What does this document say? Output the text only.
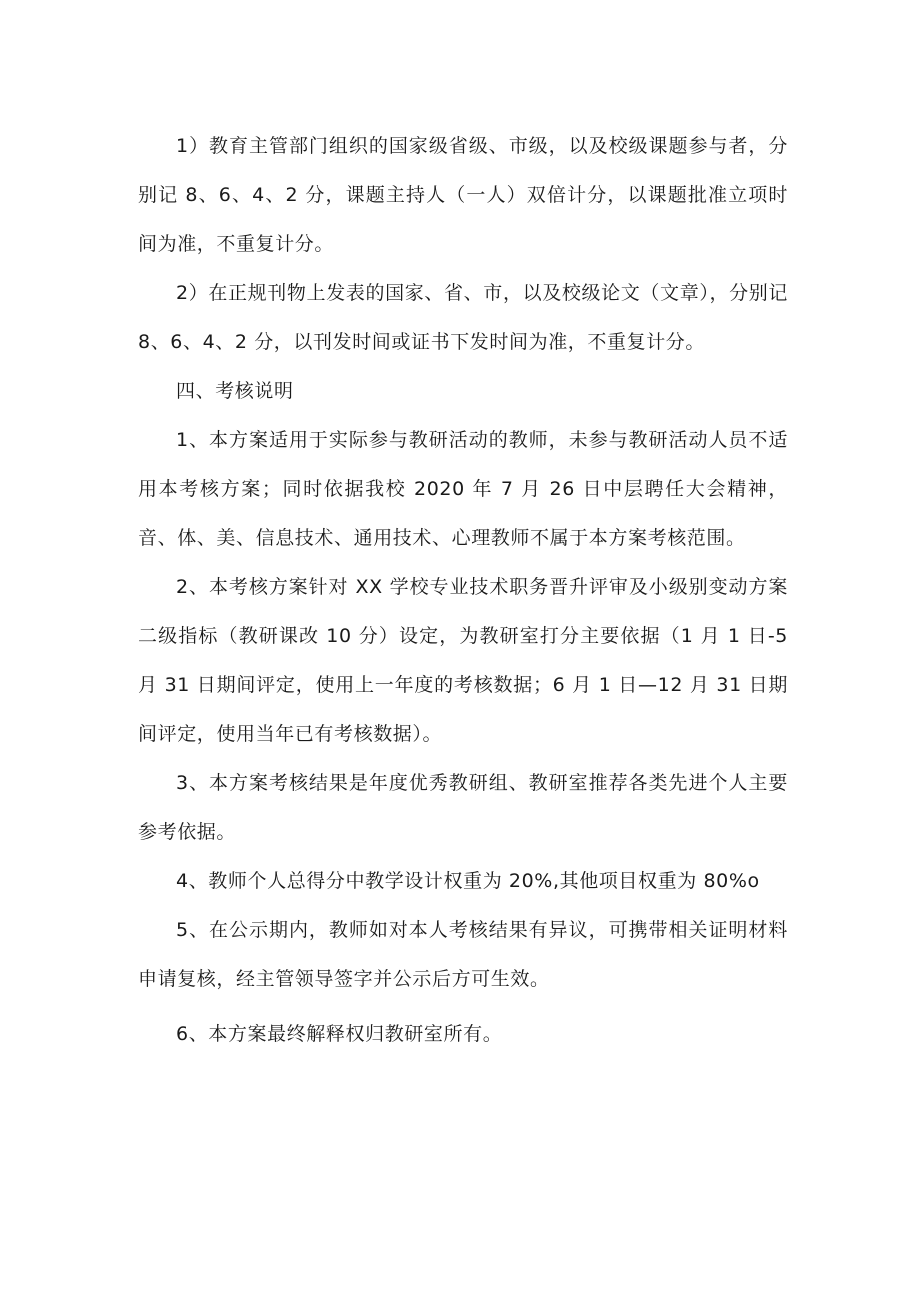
1）教育主管部门组织的国家级省级、市级，以及校级课题参与者，分别记 8、6、4、2 分，课题主持人（一人）双倍计分，以课题批准立项时间为准，不重复计分。

2）在正规刊物上发表的国家、省、市，以及校级论文（文章），分别记 8、6、4、2 分，以刊发时间或证书下发时间为准，不重复计分。

四、考核说明

1、本方案适用于实际参与教研活动的教师，未参与教研活动人员不适用本考核方案；同时依据我校 2020 年 7 月 26 日中层聘任大会精神，音、体、美、信息技术、通用技术、心理教师不属于本方案考核范围。

2、本考核方案针对 XX 学校专业技术职务晋升评审及小级别变动方案二级指标（教研课改 10 分）设定，为教研室打分主要依据（1 月 1 日-5 月 31 日期间评定，使用上一年度的考核数据；6 月 1 日—12 月 31 日期间评定，使用当年已有考核数据）。

3、本方案考核结果是年度优秀教研组、教研室推荐各类先进个人主要参考依据。

4、教师个人总得分中教学设计权重为 20%,其他项目权重为 80%o

5、在公示期内，教师如对本人考核结果有异议，可携带相关证明材料申请复核，经主管领导签字并公示后方可生效。

6、本方案最终解释权归教研室所有。
